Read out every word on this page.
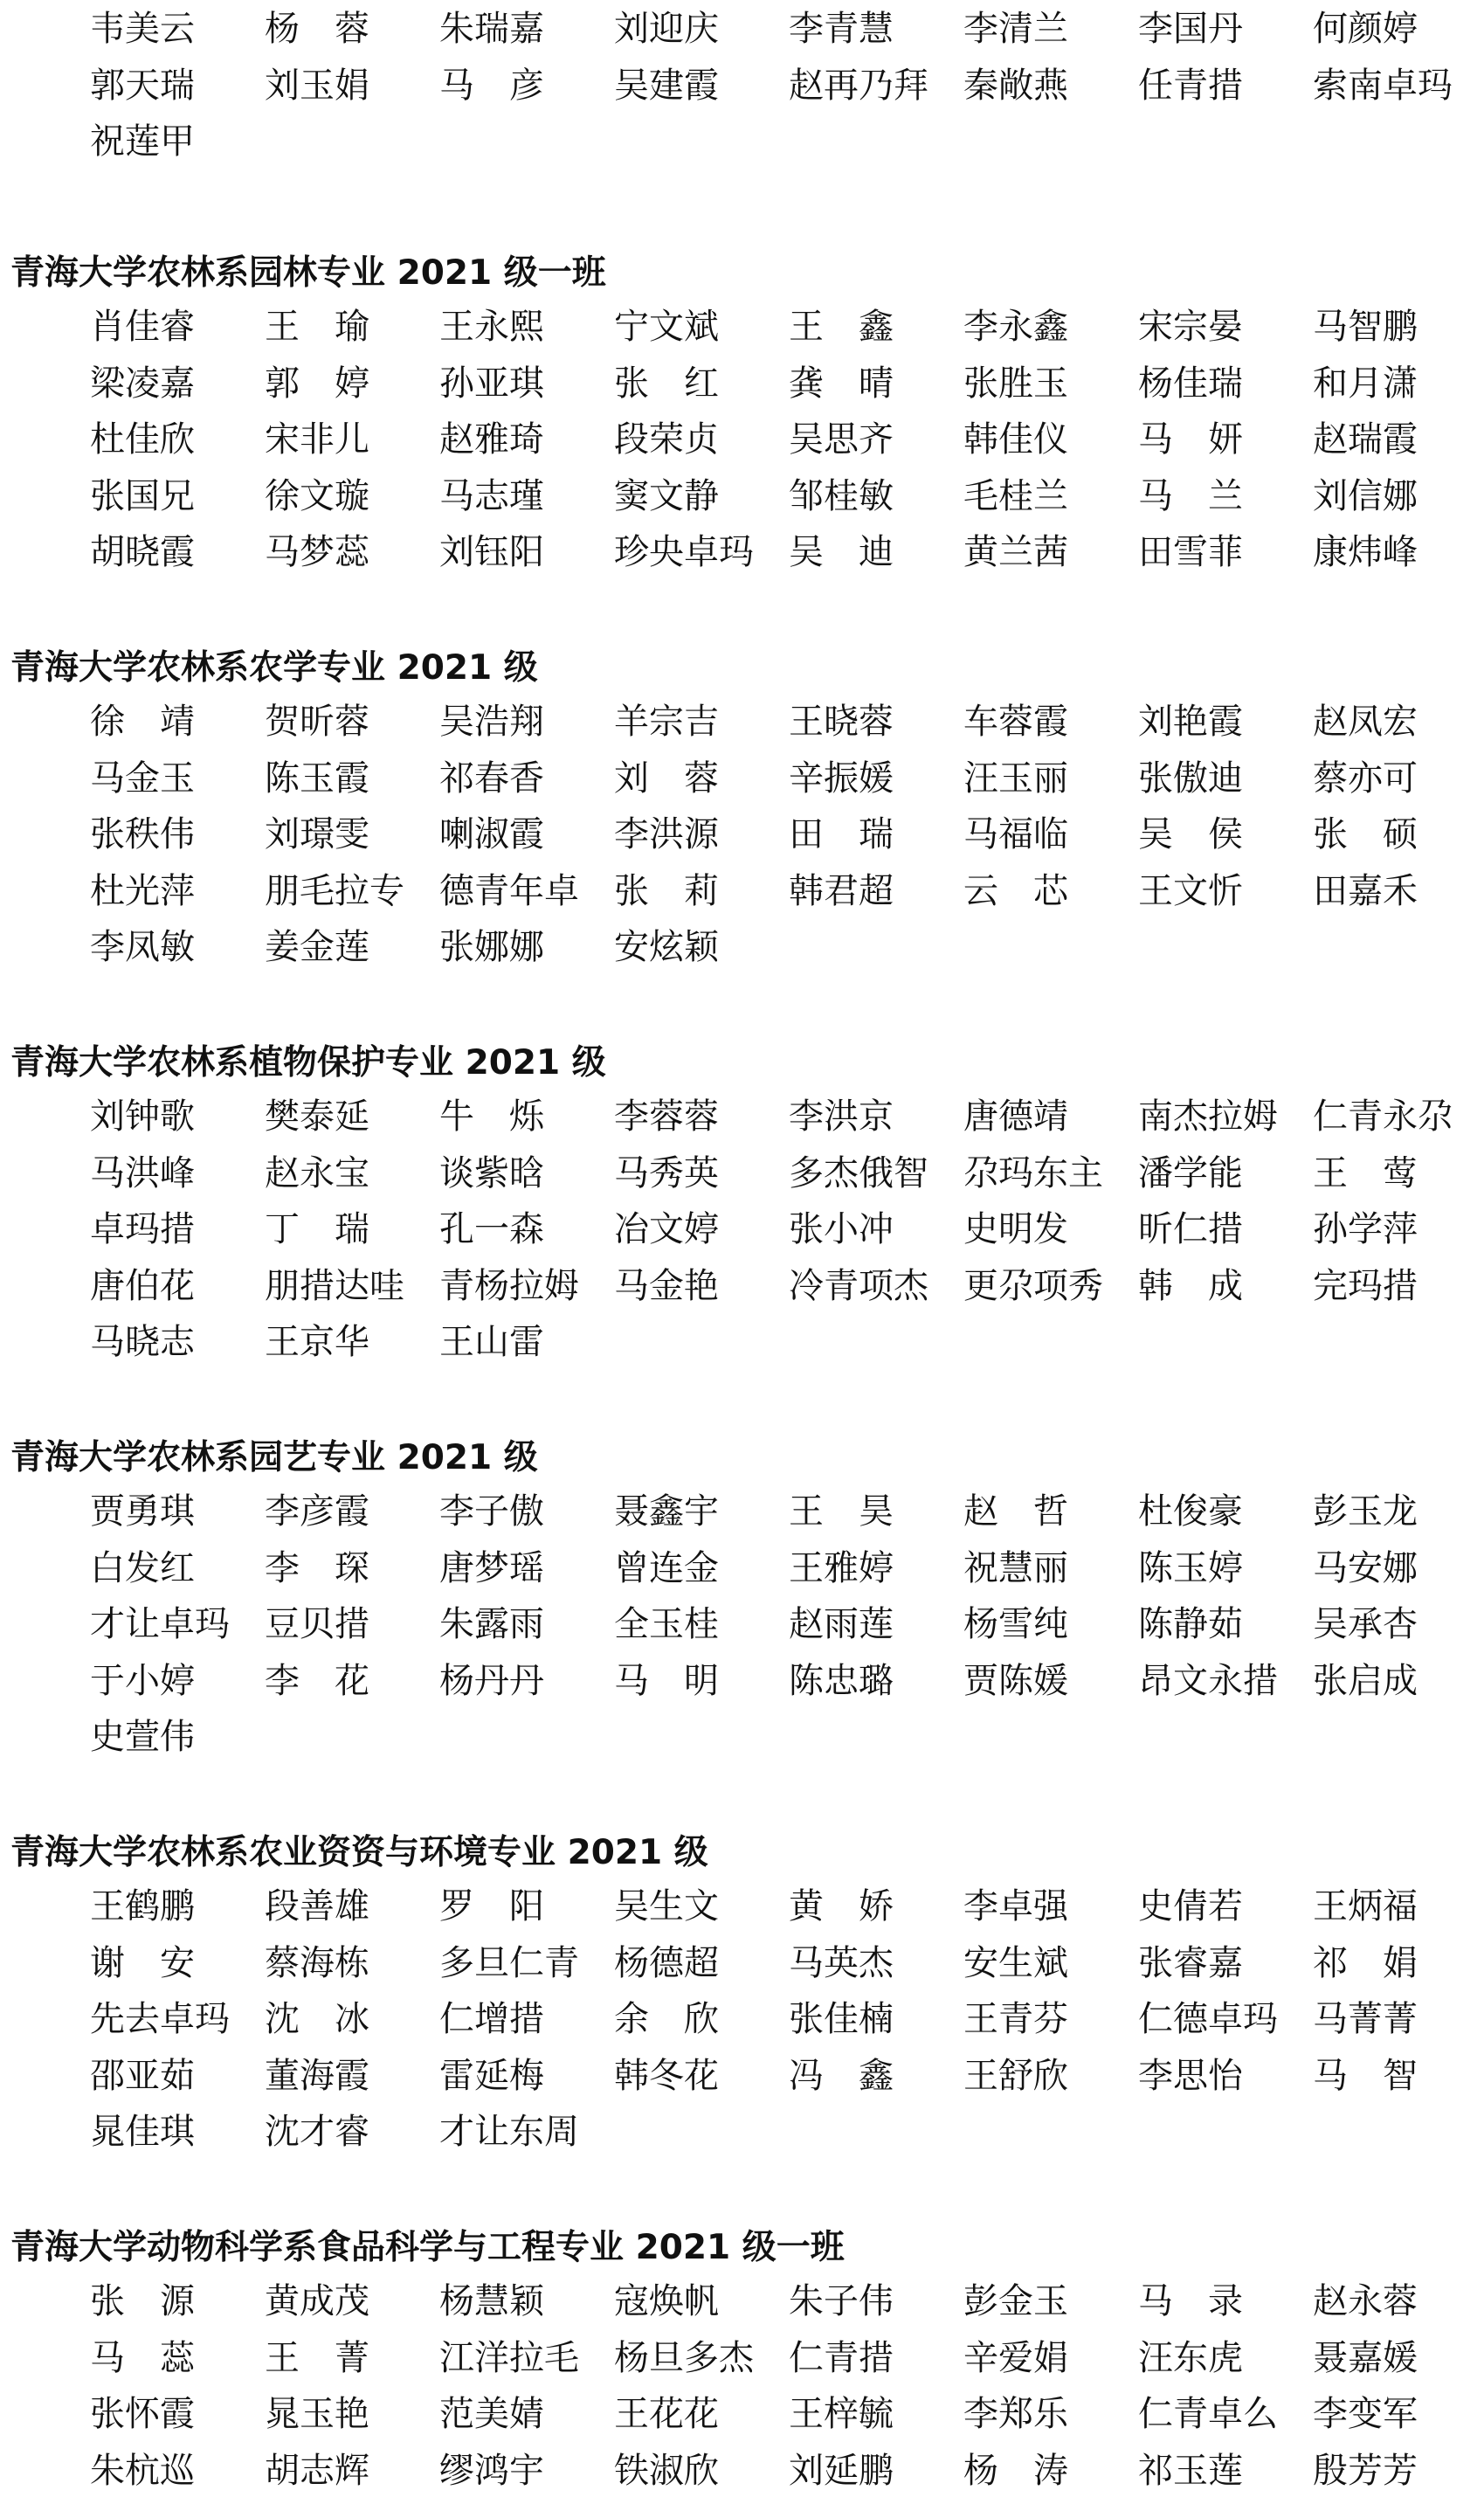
韦美云	杨　蓉	朱瑞嘉	刘迎庆	李青慧	李清兰	李国丹	何颜婷
郭天瑞	刘玉娟	马　彦	吴建霞	赵再乃拜	秦敞燕	任青措	索南卓玛
祝莲甲
青海大学农林系园林专业 2021 级一班
肖佳睿	王　瑜	王永熙	宁文斌	王　鑫	李永鑫	宋宗晏	马智鹏
梁凌嘉	郭　婷	孙亚琪	张　红	龚　晴	张胜玉	杨佳瑞	和月潇
杜佳欣	宋非儿	赵雅琦	段荣贞	吴思齐	韩佳仪	马　妍	赵瑞霞
张国兄	徐文璇	马志瑾	窦文静	邹桂敏	毛桂兰	马　兰	刘信娜
胡晓霞	马梦蕊	刘钰阳	珍央卓玛	吴　迪	黄兰茜	田雪菲	康炜峰
青海大学农林系农学专业 2021 级
徐　靖	贺昕蓉	吴浩翔	羊宗吉	王晓蓉	车蓉霞	刘艳霞	赵凤宏
马金玉	陈玉霞	祁春香	刘　蓉	辛振媛	汪玉丽	张傲迪	蔡亦可
张秩伟	刘璟雯	喇淑霞	李洪源	田　瑞	马福临	吴　侯	张　硕
杜光萍	朋毛拉专	德青年卓	张　莉	韩君超	云　芯	王文忻	田嘉禾
李凤敏	姜金莲	张娜娜	安炫颖
青海大学农林系植物保护专业 2021 级
刘钟歌	樊泰延	牛　烁	李蓉蓉	李洪京	唐德靖	南杰拉姆	仁青永尕
马洪峰	赵永宝	谈紫晗	马秀英	多杰俄智	尕玛东主	潘学能	王　莺
卓玛措	丁　瑞	孔一森	冶文婷	张小冲	史明发	昕仁措	孙学萍
唐伯花	朋措达哇	青杨拉姆	马金艳	冷青项杰	更尕项秀	韩　成	完玛措
马晓志	王京华	王山雷
青海大学农林系园艺专业 2021 级
贾勇琪	李彦霞	李子傲	聂鑫宇	王　昊	赵　哲	杜俊豪	彭玉龙
白发红	李　琛	唐梦瑶	曾连金	王雅婷	祝慧丽	陈玉婷	马安娜
才让卓玛	豆贝措	朱露雨	全玉桂	赵雨莲	杨雪纯	陈静茹	吴承杏
于小婷	李　花	杨丹丹	马　明	陈忠璐	贾陈媛	昂文永措	张启成
史萱伟
青海大学农林系农业资资与环境专业 2021 级
王鹤鹏	段善雄	罗　阳	吴生文	黄　娇	李卓强	史倩若	王炳福
谢　安	蔡海栋	多旦仁青	杨德超	马英杰	安生斌	张睿嘉	祁　娟
先去卓玛	沈　冰	仁增措	余　欣	张佳楠	王青芬	仁德卓玛	马菁菁
邵亚茹	董海霞	雷延梅	韩冬花	冯　鑫	王舒欣	李思怡	马　智
晁佳琪	沈才睿	才让东周
青海大学动物科学系食品科学与工程专业 2021 级一班
张　源	黄成茂	杨慧颖	寇焕帆	朱子伟	彭金玉	马　录	赵永蓉
马　蕊	王　菁	江洋拉毛	杨旦多杰	仁青措	辛爱娟	汪东虎	聂嘉媛
张怀霞	晁玉艳	范美婧	王花花	王梓毓	李郑乐	仁青卓么	李变军
朱杭巡	胡志辉	缪鸿宇	铁淑欣	刘延鹏	杨　涛	祁玉莲	殷芳芳
